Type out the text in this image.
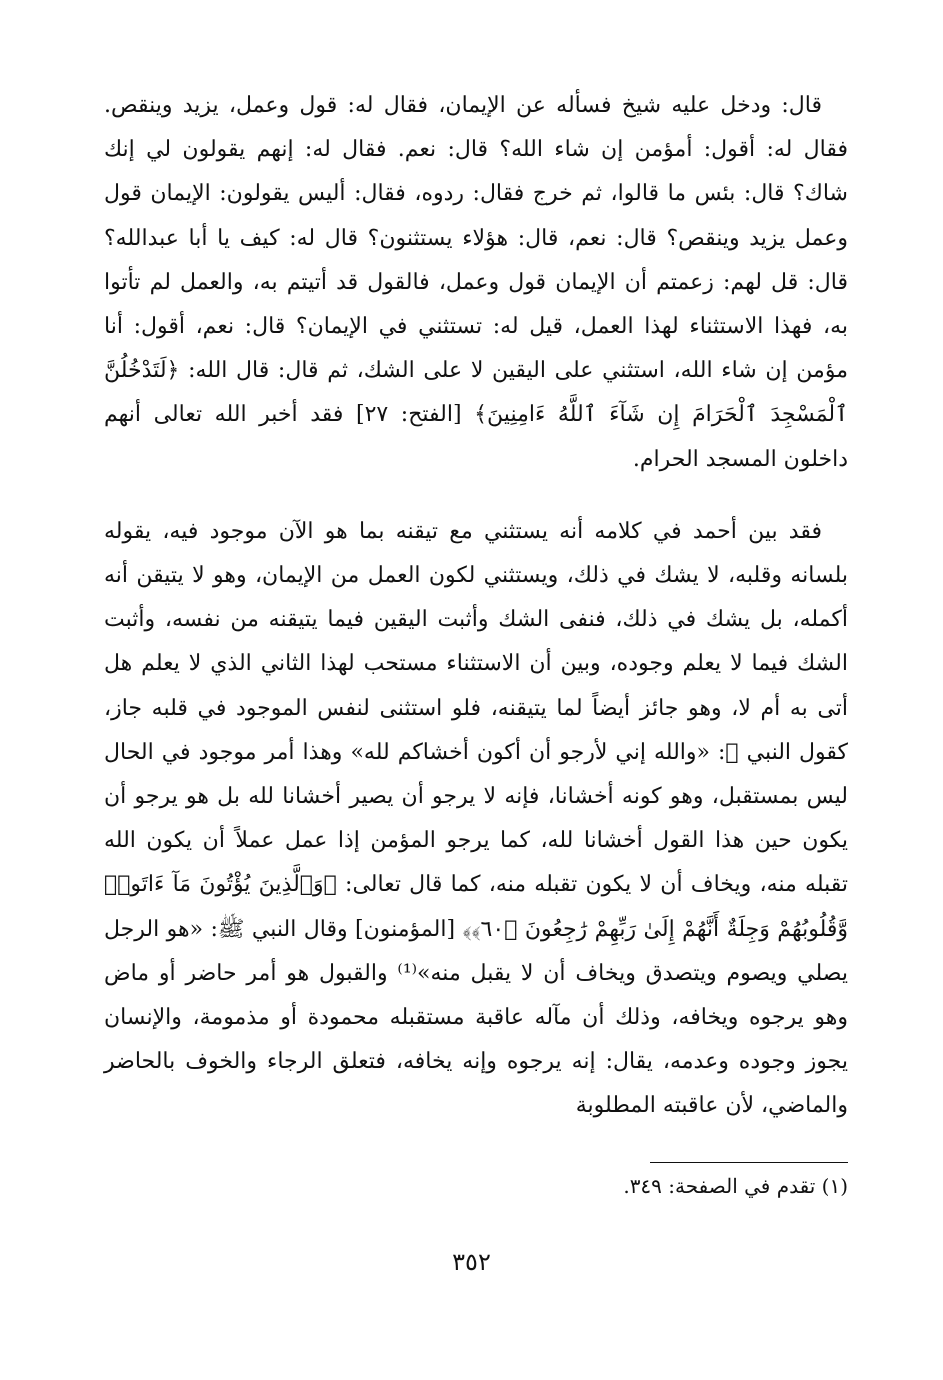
قال: ودخل عليه شيخ فسأله عن الإيمان، فقال له: قول وعمل، يزيد وينقص. فقال له: أقول: أمؤمن إن شاء الله؟ قال: نعم. فقال له: إنهم يقولون لي إنك شاك؟ قال: بئس ما قالوا، ثم خرج فقال: ردوه، فقال: أليس يقولون: الإيمان قول وعمل يزيد وينقص؟ قال: نعم، قال: هؤلاء يستثنون؟ قال له: كيف يا أبا عبدالله؟ قال: قل لهم: زعمتم أن الإيمان قول وعمل، فالقول قد أتيتم به، والعمل لم تأتوا به، فهذا الاستثناء لهذا العمل، قيل له: تستثني في الإيمان؟ قال: نعم، أقول: أنا مؤمن إن شاء الله، استثني على اليقين لا على الشك، ثم قال: قال الله: ﴿لَتَدْخُلُنَّ ٱلْمَسْجِدَ ٱلْحَرَامَ إِن شَآءَ ٱللَّهُ ءَامِنِينَ﴾ [الفتح: ٢٧] فقد أخبر الله تعالى أنهم داخلون المسجد الحرام.

فقد بين أحمد في كلامه أنه يستثني مع تيقنه بما هو الآن موجود فيه، يقوله بلسانه وقلبه، لا يشك في ذلك، ويستثني لكون العمل من الإيمان، وهو لا يتيقن أنه أكمله، بل يشك في ذلك، فنفى الشك وأثبت اليقين فيما يتيقنه من نفسه، وأثبت الشك فيما لا يعلم وجوده، وبين أن الاستثناء مستحب لهذا الثاني الذي لا يعلم هل أتى به أم لا، وهو جائز أيضاً لما يتيقنه، فلو استثنى لنفس الموجود في قلبه جاز، كقول النبي ﷺ: «والله إني لأرجو أن أكون أخشاكم لله» وهذا أمر موجود في الحال ليس بمستقبل، وهو كونه أخشانا، فإنه لا يرجو أن يصير أخشانا لله بل هو يرجو أن يكون حين هذا القول أخشانا لله، كما يرجو المؤمن إذا عمل عملاً أن يكون الله تقبله منه، ويخاف أن لا يكون تقبله منه، كما قال تعالى: ﴿وَٱلَّذِينَ يُؤْتُونَ مَآ ءَاتَوا۟ وَّقُلُوبُهُمْ وَجِلَةٌ أَنَّهُمْ إِلَىٰ رَبِّهِمْ رَٰجِعُونَ ﴿٦٠﴾﴾ [المؤمنون] وقال النبي ﷺ: «هو الرجل يصلي ويصوم ويتصدق ويخاف أن لا يقبل منه»⁽¹⁾ والقبول هو أمر حاضر أو ماض وهو يرجوه ويخافه، وذلك أن مآله عاقبة مستقبله محمودة أو مذمومة، والإنسان يجوز وجوده وعدمه، يقال: إنه يرجوه وإنه يخافه، فتعلق الرجاء والخوف بالحاضر والماضي، لأن عاقبته المطلوبة

(١) تقدم في الصفحة: ٣٤٩.
٣٥٢
